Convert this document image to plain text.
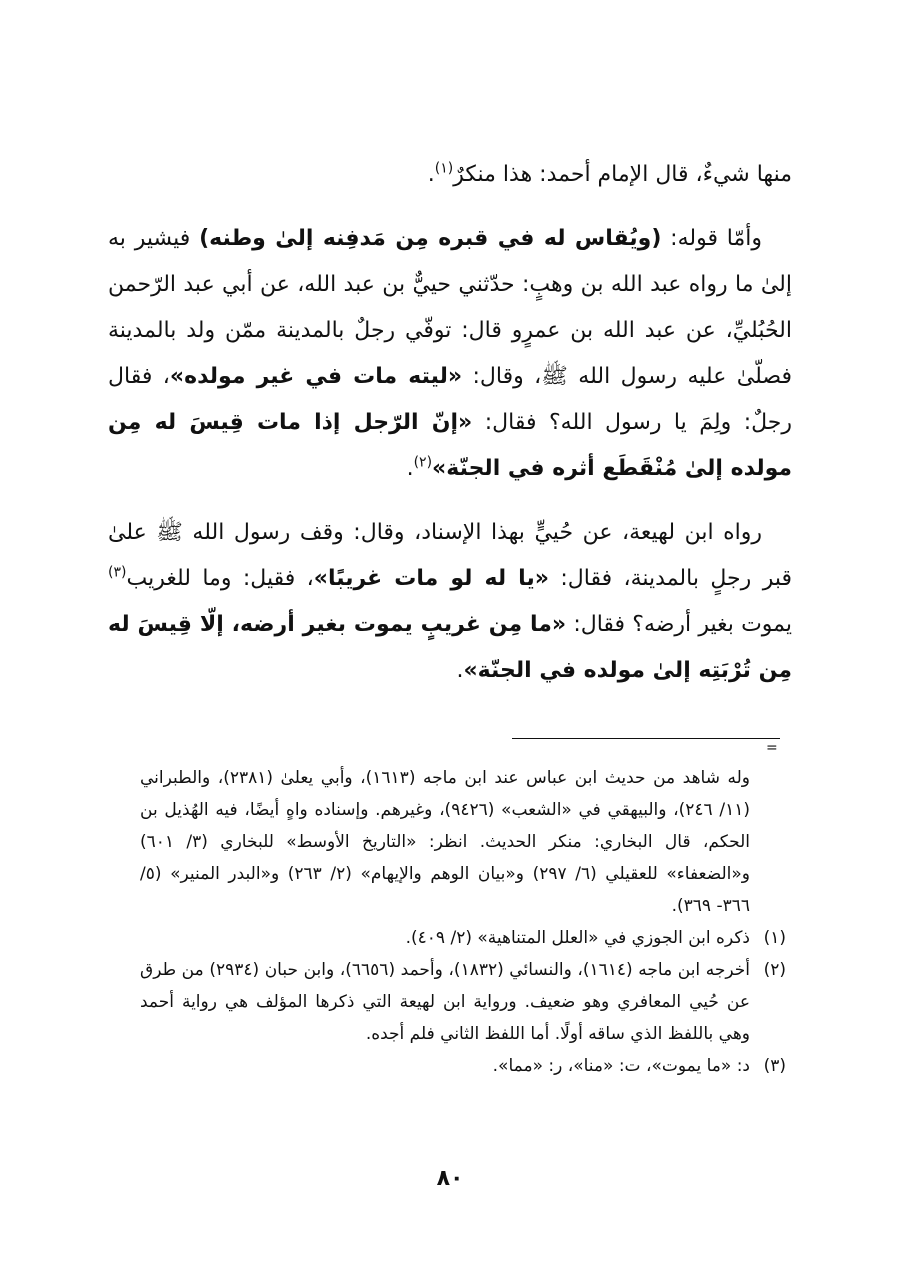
منها شيءٌ، قال الإمام أحمد: هذا منكرٌ$^{(١)}$.

وأمّا قوله: (ويُقاس له في قبره مِن مَدفِنه إلىٰ وطنه) فيشير به إلىٰ ما رواه عبد الله بن وهبٍ: حدّثني حييٌّ بن عبد الله، عن أبي عبد الرّحمن الحُبُليِّ، عن عبد الله بن عمرٍو قال: توفّي رجلٌ بالمدينة ممّن ولد بالمدينة فصلّىٰ عليه رسول الله ﷺ، وقال: «ليته مات في غير مولده»، فقال رجلٌ: ولِمَ يا رسول الله؟ فقال: «إنّ الرّجل إذا مات قِيسَ له مِن مولده إلىٰ مُنْقَطَع أثره في الجنّة»$^{(٢)}$.

رواه ابن لهيعة، عن حُييٍّ بهذا الإسناد، وقال: وقف رسول الله ﷺ علىٰ قبر رجلٍ بالمدينة، فقال: «يا له لو مات غريبًا»، فقيل: وما للغريب$^{(٣)}$ يموت بغير أرضه؟ فقال: «ما مِن غريبٍ يموت بغير أرضه، إلّا قِيسَ له مِن تُرْبَتِه إلىٰ مولده في الجنّة».

=
وله شاهد من حديث ابن عباس عند ابن ماجه (١٦١٣)، وأبي يعلىٰ (٢٣٨١)، والطبراني (١١/ ٢٤٦)، والبيهقي في «الشعب» (٩٤٢٦)، وغيرهم. وإسناده واهٍ أيضًا، فيه الهُذيل بن الحكم، قال البخاري: منكر الحديث. انظر: «التاريخ الأوسط» للبخاري (٣/ ٦٠١) و«الضعفاء» للعقيلي (٦/ ٢٩٧) و«بيان الوهم والإيهام» (٢/ ٢٦٣) و«البدر المنير» (٥/ ٣٦٦- ٣٦٩).
(١)
ذكره ابن الجوزي في «العلل المتناهية» (٢/ ٤٠٩).
(٢)
أخرجه ابن ماجه (١٦١٤)، والنسائي (١٨٣٢)، وأحمد (٦٦٥٦)، وابن حبان (٢٩٣٤) من طرق عن حُيي المعافري وهو ضعيف. ورواية ابن لهيعة التي ذكرها المؤلف هي رواية أحمد وهي باللفظ الذي ساقه أولًا. أما اللفظ الثاني فلم أجده.
(٣)
د: «ما يموت»، ت: «منا»، ر: «مما».
٨٠
